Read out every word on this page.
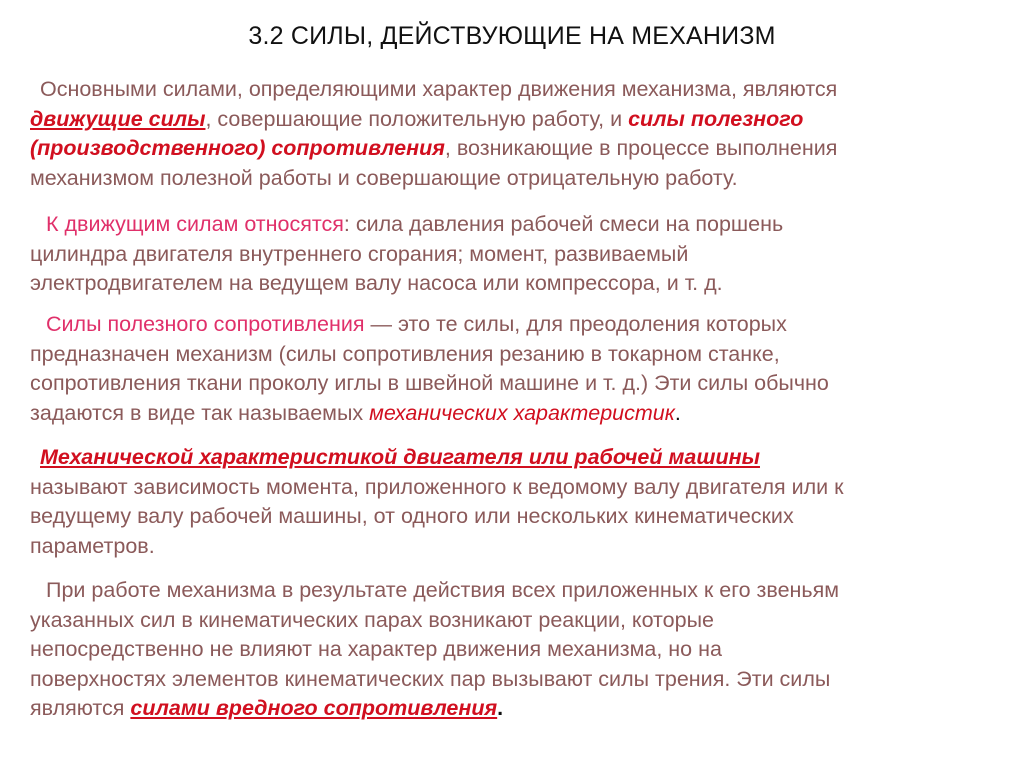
3.2 СИЛЫ, ДЕЙСТВУЮЩИЕ НА МЕХАНИЗМ
Основными силами, определяющими характер движения механизма, являются
движущие силы, совершающие положительную работу, и силы полезного
(производственного) сопротивления, возникающие в процессе выполнения
механизмом полезной работы и совершающие отрицательную работу.
К движущим силам относятся: сила давления рабочей смеси на поршень
цилиндра двигателя внутреннего сгорания; момент, развиваемый
электродвигателем на ведущем валу насоса или компрессора, и т. д.
Силы полезного сопротивления — это те силы, для преодоления которых
предназначен механизм (силы сопротивления резанию в токарном станке,
сопротивления ткани проколу иглы в швейной машине и т. д.) Эти силы обычно
задаются в виде так называемых механических характеристик.
Механической характеристикой двигателя или рабочей машины
называют зависимость момента, приложенного к ведомому валу двигателя или к
ведущему валу рабочей машины, от одного или нескольких кинематических
параметров.
При работе механизма в результате действия всех приложенных к его звеньям
указанных сил в кинематических парах возникают реакции, которые
непосредственно не влияют на характер движения механизма, но на
поверхностях элементов кинематических пар вызывают силы трения. Эти силы
являются силами вредного сопротивления.
